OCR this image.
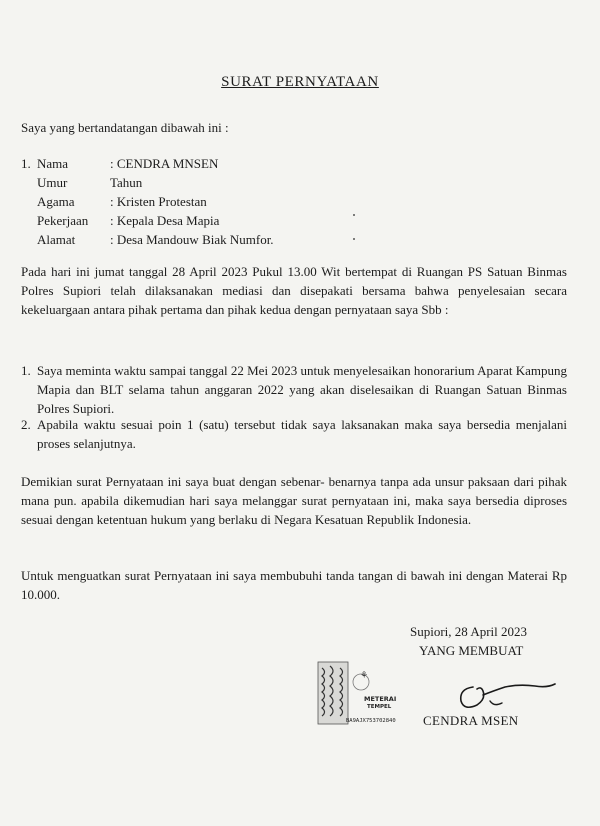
SURAT PERNYATAAN
Saya yang bertandatangan dibawah ini :
1. Nama	: CENDRA MNSEN
Umur	Tahun
Agama	: Kristen Protestan
Pekerjaan : Kepala Desa Mapia
Alamat	: Desa Mandouw Biak Numfor.
Pada hari ini jumat tanggal 28 April 2023 Pukul 13.00 Wit bertempat di Ruangan PS Satuan Binmas Polres Supiori telah dilaksanakan mediasi dan disepakati bersama bahwa penyelesaian secara kekeluargaan antara pihak pertama dan pihak kedua dengan pernyataan saya Sbb :
1. Saya meminta waktu sampai tanggal 22 Mei 2023 untuk menyelesaikan honorarium Aparat Kampung Mapia dan BLT selama tahun anggaran 2022 yang akan diselesaikan di Ruangan Satuan Binmas Polres Supiori.
2. Apabila waktu sesuai poin 1 (satu) tersebut tidak saya laksanakan maka saya bersedia menjalani proses selanjutnya.
Demikian surat Pernyataan ini saya buat dengan sebenar- benarnya tanpa ada unsur paksaan dari pihak mana pun. apabila dikemudian hari saya melanggar surat pernyataan ini, maka saya bersedia diproses sesuai dengan ketentuan hukum yang berlaku di Negara Kesatuan Republik Indonesia.
Untuk menguatkan surat Pernyataan ini saya membubuhi tanda tangan di bawah ini dengan Materai Rp 10.000.
Supiori, 28 April 2023
YANG MEMBUAT
⚘
METERAI
TEMPEL
BA9AJX753702840 CENDRA MSEN
